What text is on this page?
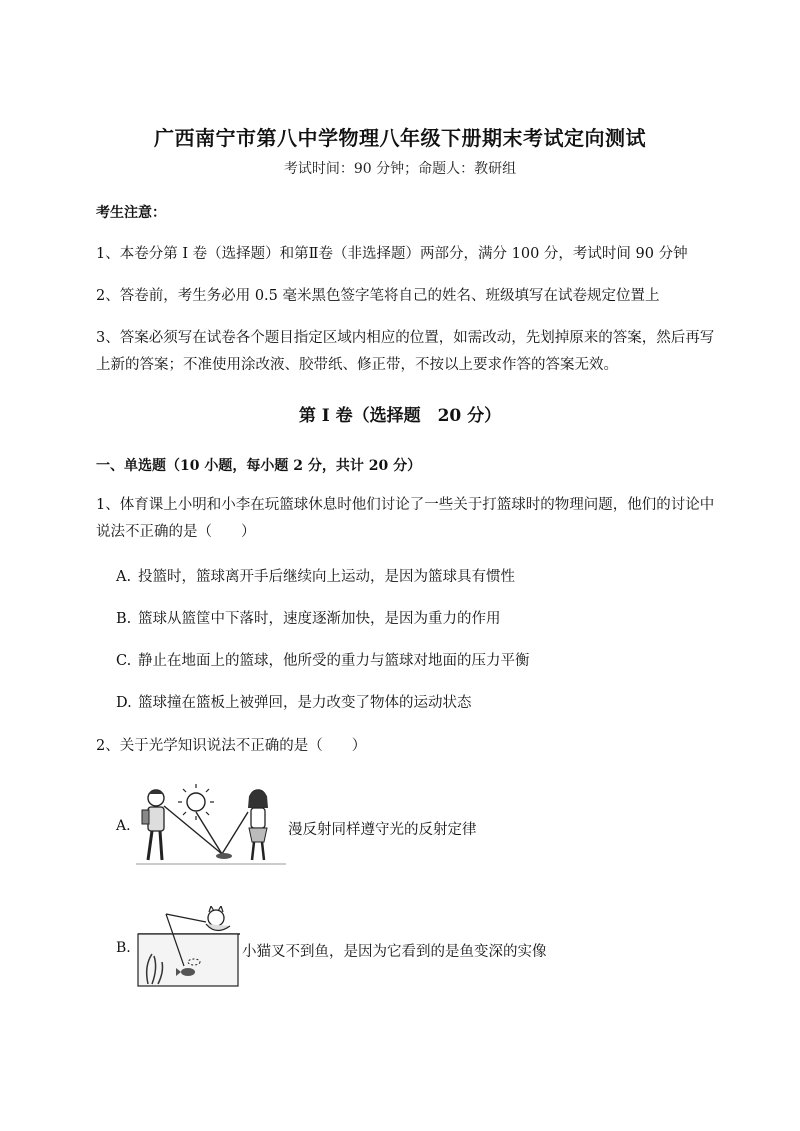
广西南宁市第八中学物理八年级下册期末考试定向测试
考试时间：90 分钟；命题人：教研组
考生注意：
1、本卷分第 I 卷（选择题）和第Ⅱ卷（非选择题）两部分，满分 100 分，考试时间 90 分钟
2、答卷前，考生务必用 0.5 毫米黑色签字笔将自己的姓名、班级填写在试卷规定位置上
3、答案必须写在试卷各个题目指定区域内相应的位置，如需改动，先划掉原来的答案，然后再写上新的答案；不准使用涂改液、胶带纸、修正带，不按以上要求作答的答案无效。
第 I 卷（选择题　20 分）
一、单选题（10 小题，每小题 2 分，共计 20 分）
1、体育课上小明和小李在玩篮球休息时他们讨论了一些关于打篮球时的物理问题，他们的讨论中说法不正确的是（　　）
A. 投篮时，篮球离开手后继续向上运动，是因为篮球具有惯性
B. 篮球从篮筐中下落时，速度逐渐加快，是因为重力的作用
C. 静止在地面上的篮球，他所受的重力与篮球对地面的压力平衡
D. 篮球撞在篮板上被弹回，是力改变了物体的运动状态
2、关于光学知识说法不正确的是（　　）
A.	漫反射同样遵守光的反射定律
B.	小猫叉不到鱼，是因为它看到的是鱼变深的实像
